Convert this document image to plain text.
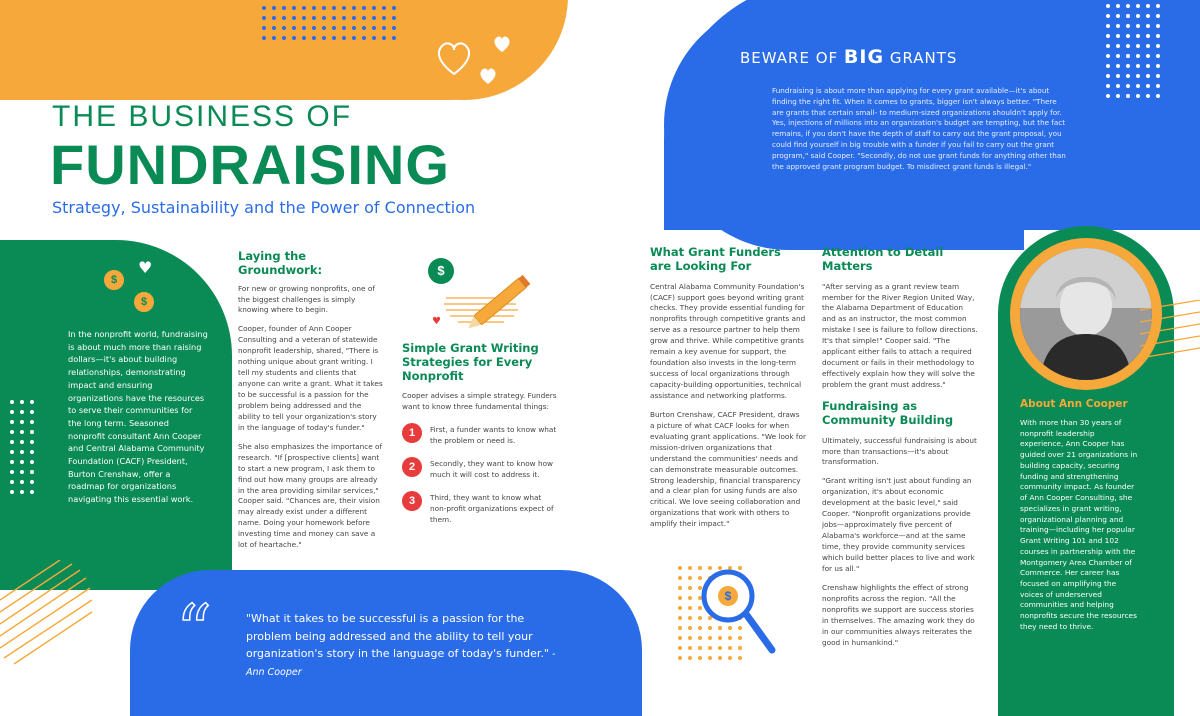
$
$
♥
THE BUSINESS OF
FUNDRAISING
Strategy, Sustainability and the Power of Connection
In the nonprofit world, fundraising is about much more than raising dollars—it's about building relationships, demonstrating impact and ensuring organizations have the resources to serve their communities for the long term. Seasoned nonprofit consultant Ann Cooper and Central Alabama Community Foundation (CACF) President, Burton Crenshaw, offer a roadmap for organizations navigating this essential work.
Laying the Groundwork:

For new or growing nonprofits, one of the biggest challenges is simply knowing where to begin.

Cooper, founder of Ann Cooper Consulting and a veteran of statewide nonprofit leadership, shared, "There is nothing unique about grant writing. I tell my students and clients that anyone can write a grant. What it takes to be successful is a passion for the problem being addressed and the ability to tell your organization's story in the language of today's funder."

She also emphasizes the importance of research. "If [prospective clients] want to start a new program, I ask them to find out how many groups are already in the area providing similar services," Cooper said. "Chances are, their vision may already exist under a different name. Doing your homework before investing time and money can save a lot of heartache."

$
♥
Simple Grant Writing Strategies for Every Nonprofit
Cooper advises a simple strategy. Funders want to know three fundamental things:
1	First, a funder wants to know what the problem or need is.
2	Secondly, they want to know how much it will cost to address it.
3	Third, they want to know what non-profit organizations expect of them.
What Grant Funders are Looking For

Central Alabama Community Foundation's (CACF) support goes beyond writing grant checks. They provide essential funding for nonprofits through competitive grants and serve as a resource partner to help them grow and thrive. While competitive grants remain a key avenue for support, the foundation also invests in the long-term success of local organizations through capacity-building opportunities, technical assistance and networking platforms.

Burton Crenshaw, CACF President, draws a picture of what CACF looks for when evaluating grant applications. "We look for mission-driven organizations that understand the communities' needs and can demonstrate measurable outcomes. Strong leadership, financial transparency and a clear plan for using funds are also critical. We love seeing collaboration and organizations that work with others to amplify their impact."

$
Attention to Detail Matters

"After serving as a grant review team member for the River Region United Way, the Alabama Department of Education and as an instructor, the most common mistake I see is failure to follow directions. It's that simple!" Cooper said. "The applicant either fails to attach a required document or fails in their methodology to effectively explain how they will solve the problem the grant must address."

Fundraising as Community Building

Ultimately, successful fundraising is about more than transactions—it's about transformation.

"Grant writing isn't just about funding an organization, it's about economic development at the basic level," said Cooper. "Nonprofit organizations provide jobs—approximately five percent of Alabama's workforce—and at the same time, they provide community services which build better places to live and work for us all."

Crenshaw highlights the effect of strong nonprofits across the region. "All the nonprofits we support are success stories in themselves. The amazing work they do in our communities always reiterates the good in humankind."

BEWARE OF BIG GRANTS
Fundraising is about more than applying for every grant available—it's about finding the right fit. When it comes to grants, bigger isn't always better. "There are grants that certain small- to medium-sized organizations shouldn't apply for. Yes, injections of millions into an organization's budget are tempting, but the fact remains, if you don't have the depth of staff to carry out the grant proposal, you could find yourself in big trouble with a funder if you fail to carry out the grant program," said Cooper. "Secondly, do not use grant funds for anything other than the approved grant program budget. To misdirect grant funds is illegal."
About Ann Cooper
With more than 30 years of nonprofit leadership experience, Ann Cooper has guided over 21 organizations in building capacity, securing funding and strengthening community impact. As founder of Ann Cooper Consulting, she specializes in grant writing, organizational planning and training—including her popular Grant Writing 101 and 102 courses in partnership with the Montgomery Area Chamber of Commerce. Her career has focused on amplifying the voices of underserved communities and helping nonprofits secure the resources they need to thrive.
“	"What it takes to be successful is a passion for the problem being addressed and the ability to tell your organization's story in the language of today's funder." - Ann Cooper
